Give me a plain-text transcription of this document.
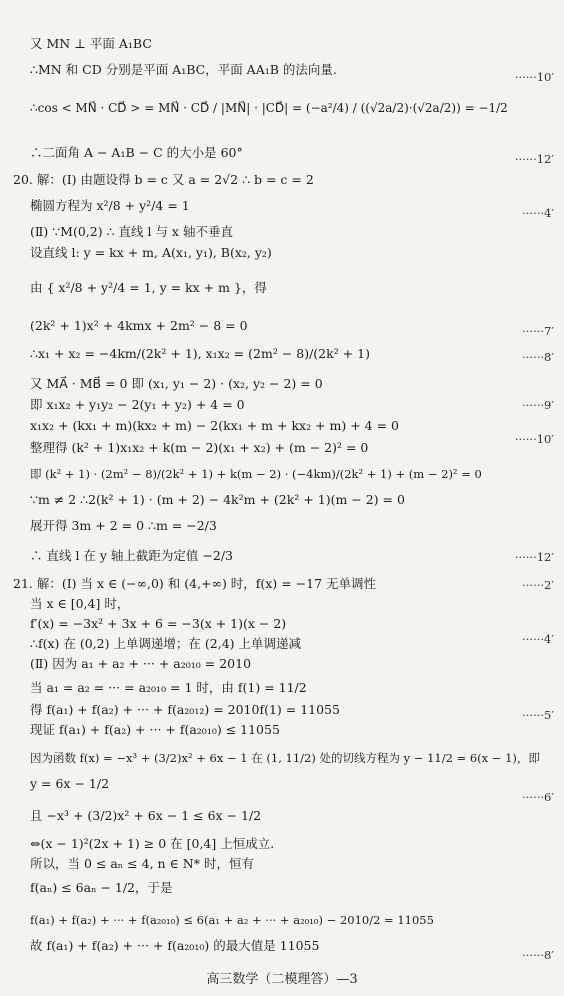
又 MN ⊥ 平面 A₁BC
∴MN 和 CD 分别是平面 A₁BC，平面 AA₁B 的法向量.
∴cos < MN⃗ · CD⃗ > = MN⃗ · CD⃗ / |MN⃗| · |CD⃗| = (−a²/4) / ((√2a/2)·(√2a/2)) = −1/2
∴二面角 A − A₁B − C 的大小是 60°
20. 解：(Ⅰ) 由题设得 b = c 又 a = 2√2 ∴ b = c = 2
椭圆方程为 x²/8 + y²/4 = 1
(Ⅱ) ∵M(0,2) ∴ 直线 l 与 x 轴不垂直
设直线 l: y = kx + m, A(x₁, y₁), B(x₂, y₂)
由 { x²/8 + y²/4 = 1, y = kx + m }，得
(2k² + 1)x² + 4kmx + 2m² − 8 = 0
∴x₁ + x₂ = −4km/(2k² + 1), x₁x₂ = (2m² − 8)/(2k² + 1)
又 MA⃗ · MB⃗ = 0 即 (x₁, y₁ − 2) · (x₂, y₂ − 2) = 0
即 x₁x₂ + y₁y₂ − 2(y₁ + y₂) + 4 = 0
x₁x₂ + (kx₁ + m)(kx₂ + m) − 2(kx₁ + m + kx₂ + m) + 4 = 0
整理得 (k² + 1)x₁x₂ + k(m − 2)(x₁ + x₂) + (m − 2)² = 0
即 (k² + 1) · (2m² − 8)/(2k² + 1) + k(m − 2) · (−4km)/(2k² + 1) + (m − 2)² = 0
∵m ≠ 2 ∴2(k² + 1) · (m + 2) − 4k²m + (2k² + 1)(m − 2) = 0
展开得 3m + 2 = 0 ∴m = −2/3
∴ 直线 l 在 y 轴上截距为定值 −2/3
21. 解：(Ⅰ) 当 x ∈ (−∞,0) 和 (4,+∞) 时，f(x) = −17 无单调性
当 x ∈ [0,4] 时，
f′(x) = −3x² + 3x + 6 = −3(x + 1)(x − 2)
∴f(x) 在 (0,2) 上单调递增；在 (2,4) 上单调递减
(Ⅱ) 因为 a₁ + a₂ + ··· + a₂₀₁₀ = 2010
当 a₁ = a₂ = ··· = a₂₀₁₀ = 1 时，由 f(1) = 11/2
得 f(a₁) + f(a₂) + ··· + f(a₂₀₁₂) = 2010f(1) = 11055
现证 f(a₁) + f(a₂) + ··· + f(a₂₀₁₀) ≤ 11055
因为函数 f(x) = −x³ + (3/2)x² + 6x − 1 在 (1, 11/2) 处的切线方程为 y − 11/2 = 6(x − 1)，即
y = 6x − 1/2
且 −x³ + (3/2)x² + 6x − 1 ≤ 6x − 1/2
⇔(x − 1)²(2x + 1) ≥ 0 在 [0,4] 上恒成立.
所以，当 0 ≤ aₙ ≤ 4, n ∈ N* 时，恒有
f(aₙ) ≤ 6aₙ − 1/2，于是
f(a₁) + f(a₂) + ··· + f(a₂₀₁₀) ≤ 6(a₁ + a₂ + ··· + a₂₀₁₀) − 2010/2 = 11055
故 f(a₁) + f(a₂) + ··· + f(a₂₀₁₀) 的最大值是 11055
······10′
······12′
······4′
······7′
······8′
······9′
······10′
······12′
······2′
······4′
······5′
······6′
······8′
高三数学（二模理答）—3
